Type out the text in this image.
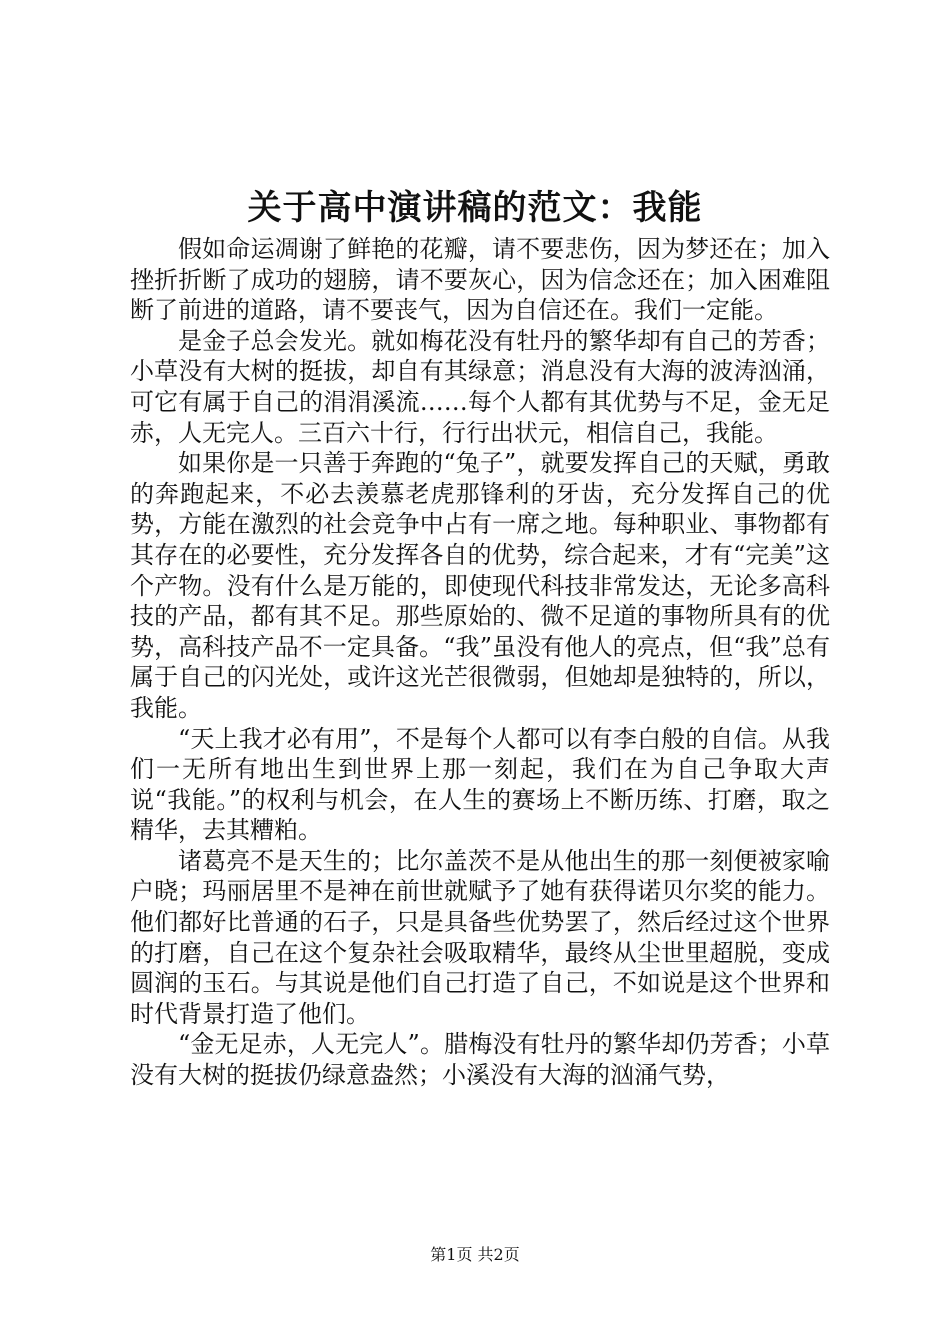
关于高中演讲稿的范文：我能

假如命运凋谢了鲜艳的花瓣，请不要悲伤，因为梦还在；加入挫折折断了成功的翅膀，请不要灰心，因为信念还在；加入困难阻断了前进的道路，请不要丧气，因为自信还在。我们一定能。

是金子总会发光。就如梅花没有牡丹的繁华却有自己的芳香；小草没有大树的挺拔，却自有其绿意；消息没有大海的波涛汹涌，可它有属于自己的涓涓溪流……每个人都有其优势与不足，金无足赤，人无完人。三百六十行，行行出状元，相信自己，我能。

如果你是一只善于奔跑的“兔子”，就要发挥自己的天赋，勇敢的奔跑起来，不必去羡慕老虎那锋利的牙齿，充分发挥自己的优势，方能在激烈的社会竞争中占有一席之地。每种职业、事物都有其存在的必要性，充分发挥各自的优势，综合起来，才有“完美”这个产物。没有什么是万能的，即使现代科技非常发达，无论多高科技的产品，都有其不足。那些原始的、微不足道的事物所具有的优势，高科技产品不一定具备。“我”虽没有他人的亮点，但“我”总有属于自己的闪光处，或许这光芒很微弱，但她却是独特的，所以，我能。

“天上我才必有用”，不是每个人都可以有李白般的自信。从我们一无所有地出生到世界上那一刻起，我们在为自己争取大声说“我能。”的权利与机会，在人生的赛场上不断历练、打磨，取之精华，去其糟粕。

诸葛亮不是天生的；比尔盖茨不是从他出生的那一刻便被家喻户晓；玛丽居里不是神在前世就赋予了她有获得诺贝尔奖的能力。他们都好比普通的石子，只是具备些优势罢了，然后经过这个世界的打磨，自己在这个复杂社会吸取精华，最终从尘世里超脱，变成圆润的玉石。与其说是他们自己打造了自己，不如说是这个世界和时代背景打造了他们。

“金无足赤，人无完人”。腊梅没有牡丹的繁华却仍芳香；小草没有大树的挺拔仍绿意盎然；小溪没有大海的汹涌气势，

第1页 共2页
